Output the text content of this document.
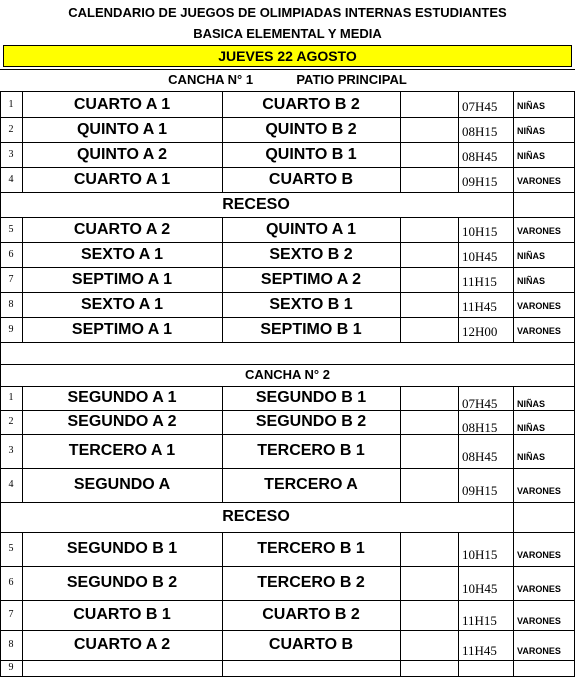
CALENDARIO DE JUEGOS DE OLIMPIADAS INTERNAS ESTUDIANTES
BASICA ELEMENTAL Y MEDIA
JUEVES 22 AGOSTO
CANCHA N° 1	PATIO PRINCIPAL
1	CUARTO A 1	CUARTO B 2	07H45	NIÑAS
2	QUINTO A 1	QUINTO B 2	08H15	NIÑAS
3	QUINTO A 2	QUINTO B 1	08H45	NIÑAS
4	CUARTO A 1	CUARTO B	09H15	VARONES
RECESO
5	CUARTO A 2	QUINTO A 1	10H15	VARONES
6	SEXTO A 1	SEXTO B 2	10H45	NIÑAS
7	SEPTIMO A 1	SEPTIMO A 2	11H15	NIÑAS
8	SEXTO A 1	SEXTO B 1	11H45	VARONES
9	SEPTIMO A 1	SEPTIMO B 1	12H00	VARONES
CANCHA N° 2
1	SEGUNDO A 1	SEGUNDO B 1	07H45	NIÑAS
2	SEGUNDO A 2	SEGUNDO B 2	08H15	NIÑAS
3	TERCERO A 1	TERCERO B 1	08H45	NIÑAS
4	SEGUNDO A	TERCERO A	09H15	VARONES
RECESO
5	SEGUNDO B 1	TERCERO B 1	10H15	VARONES
6	SEGUNDO B 2	TERCERO B 2	10H45	VARONES
7	CUARTO B 1	CUARTO B 2	11H15	VARONES
8	CUARTO A 2	CUARTO B	11H45	VARONES
9
